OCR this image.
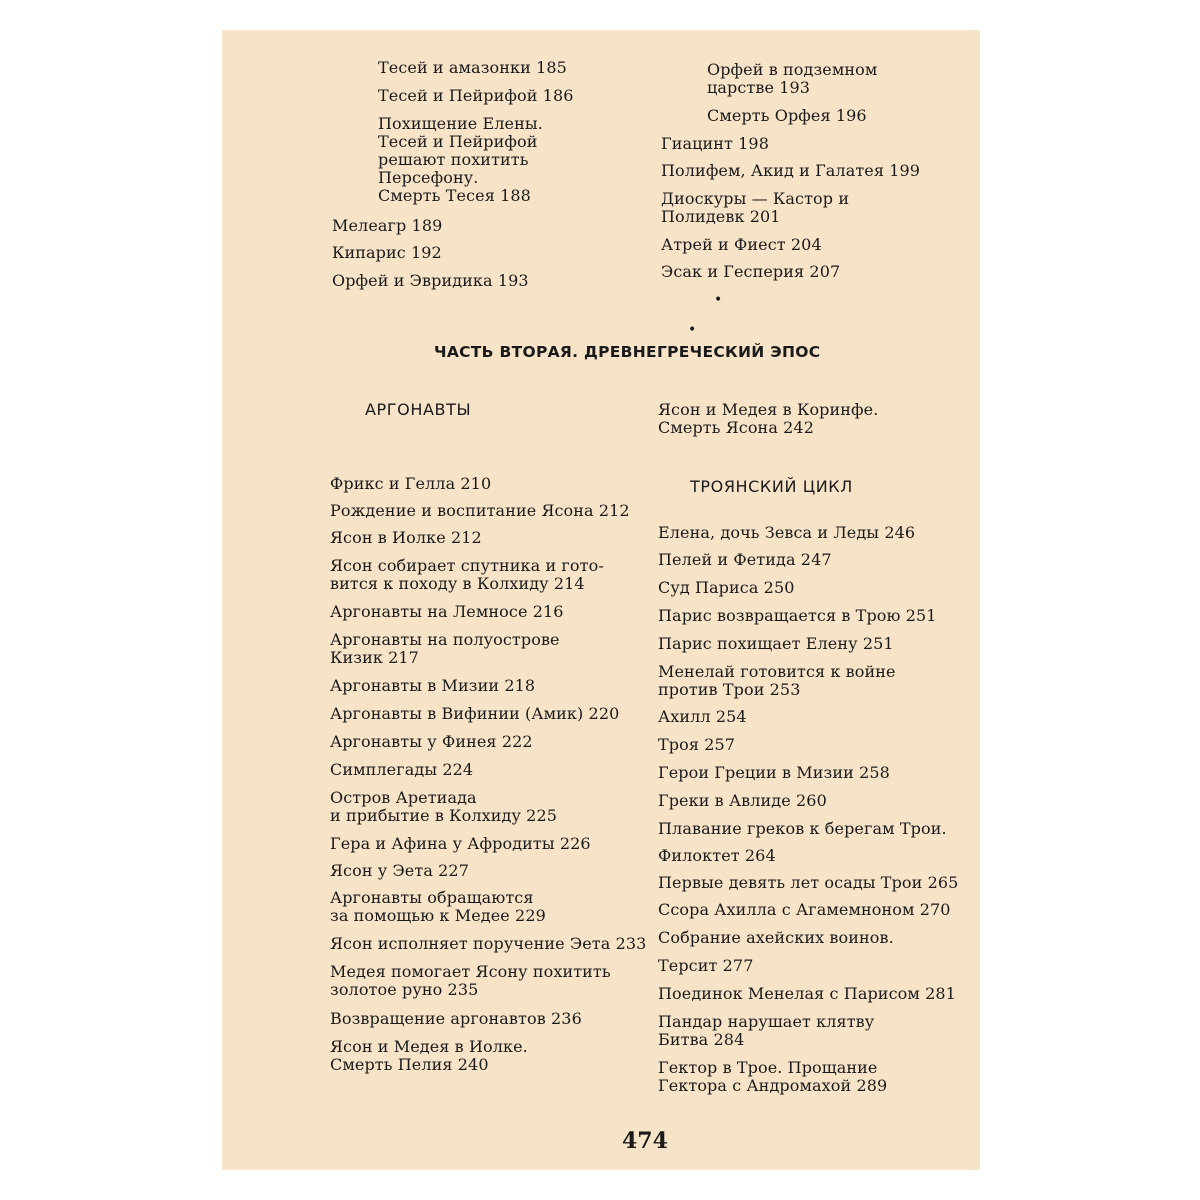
Тесей и амазонки 185
Тесей и Пейрифой 186
Похищение Елены.
Тесей и Пейрифой
решают похитить
Персефону.
Смерть Тесея 188
Мелеагр 189
Кипарис 192
Орфей и Эвридика 193
Орфей в подземном
царстве 193
Смерть Орфея 196
Гиацинт 198
Полифем, Акид и Галатея 199
Диоскуры — Кастор и
Полидевк 201
Атрей и Фиест 204
Эсак и Гесперия 207
•
•
ЧАСТЬ ВТОРАЯ. ДРЕВНЕГРЕЧЕСКИЙ ЭПОС
АРГОНАВТЫ
ТРОЯНСКИЙ ЦИКЛ
Фрикс и Гелла 210
Рождение и воспитание Ясона 212
Ясон в Иолке 212
Ясон собирает спутника и гото-
вится к походу в Колхиду 214
Аргонавты на Лемносе 216
Аргонавты на полуострове
Кизик 217
Аргонавты в Мизии 218
Аргонавты в Вифинии (Амик) 220
Аргонавты у Финея 222
Симплегады 224
Остров Аретиада
и прибытие в Колхиду 225
Гера и Афина у Афродиты 226
Ясон у Эета 227
Аргонавты обращаются
за помощью к Медее 229
Ясон исполняет поручение Эета 233
Медея помогает Ясону похитить
золотое руно 235
Возвращение аргонавтов 236
Ясон и Медея в Иолке.
Смерть Пелия 240
Ясон и Медея в Коринфе.
Смерть Ясона 242
Елена, дочь Зевса и Леды 246
Пелей и Фетида 247
Суд Париса 250
Парис возвращается в Трою 251
Парис похищает Елену 251
Менелай готовится к войне
против Трои 253
Ахилл 254
Троя 257
Герои Греции в Мизии 258
Греки в Авлиде 260
Плавание греков к берегам Трои.
Филоктет 264
Первые девять лет осады Трои 265
Ссора Ахилла с Агамемноном 270
Собрание ахейских воинов.
Терсит 277
Поединок Менелая с Парисом 281
Пандар нарушает клятву
Битва 284
Гектор в Трое. Прощание
Гектора с Андромахой 289
474
